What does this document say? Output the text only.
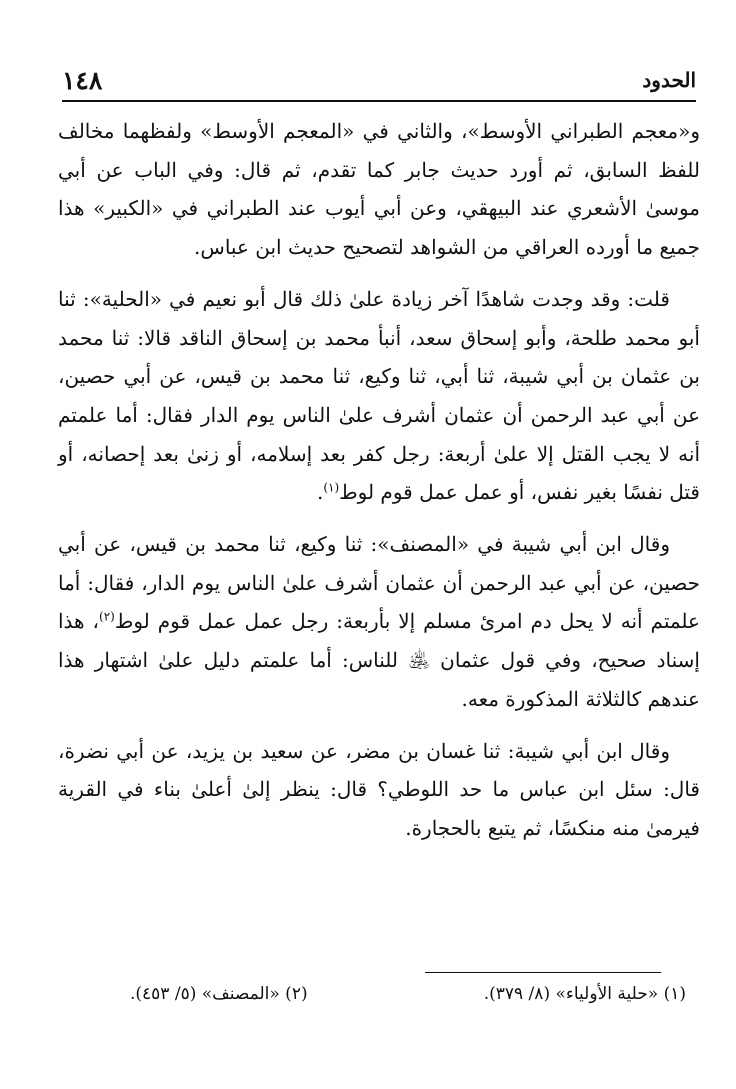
١٤٨	الحدود

و«معجم الطبراني الأوسط»، والثاني في «المعجم الأوسط» ولفظهما مخالف للفظ السابق، ثم أورد حديث جابر كما تقدم، ثم قال: وفي الباب عن أبي موسىٰ الأشعري عند البيهقي، وعن أبي أيوب عند الطبراني في «الكبير» هذا جميع ما أورده العراقي من الشواهد لتصحيح حديث ابن عباس.

قلت: وقد وجدت شاهدًا آخر زيادة علىٰ ذلك قال أبو نعيم في «الحلية»: ثنا أبو محمد طلحة، وأبو إسحاق سعد، أنبأ محمد بن إسحاق الناقد قالا: ثنا محمد بن عثمان بن أبي شيبة، ثنا أبي، ثنا وكيع، ثنا محمد بن قيس، عن أبي حصين، عن أبي عبد الرحمن أن عثمان أشرف علىٰ الناس يوم الدار فقال: أما علمتم أنه لا يجب القتل إلا علىٰ أربعة: رجل كفر بعد إسلامه، أو زنىٰ بعد إحصانه، أو قتل نفسًا بغير نفس، أو عمل عمل قوم لوط$^{(١)}$.

وقال ابن أبي شيبة في «المصنف»: ثنا وكيع، ثنا محمد بن قيس، عن أبي حصين، عن أبي عبد الرحمن أن عثمان أشرف علىٰ الناس يوم الدار، فقال: أما علمتم أنه لا يحل دم امرئ مسلم إلا بأربعة: رجل عمل عمل قوم لوط$^{(٢)}$، هذا إسناد صحيح، وفي قول عثمان ﵁ للناس: أما علمتم دليل علىٰ اشتهار هذا عندهم كالثلاثة المذكورة معه.

وقال ابن أبي شيبة: ثنا غسان بن مضر، عن سعيد بن يزيد، عن أبي نضرة، قال: سئل ابن عباس ما حد اللوطي؟ قال: ينظر إلىٰ أعلىٰ بناء في القرية فيرمىٰ منه منكسًا، ثم يتبع بالحجارة.

(١) «حلية الأولياء» (٨/ ٣٧٩).
(٢) «المصنف» (٥/ ٤٥٣).
